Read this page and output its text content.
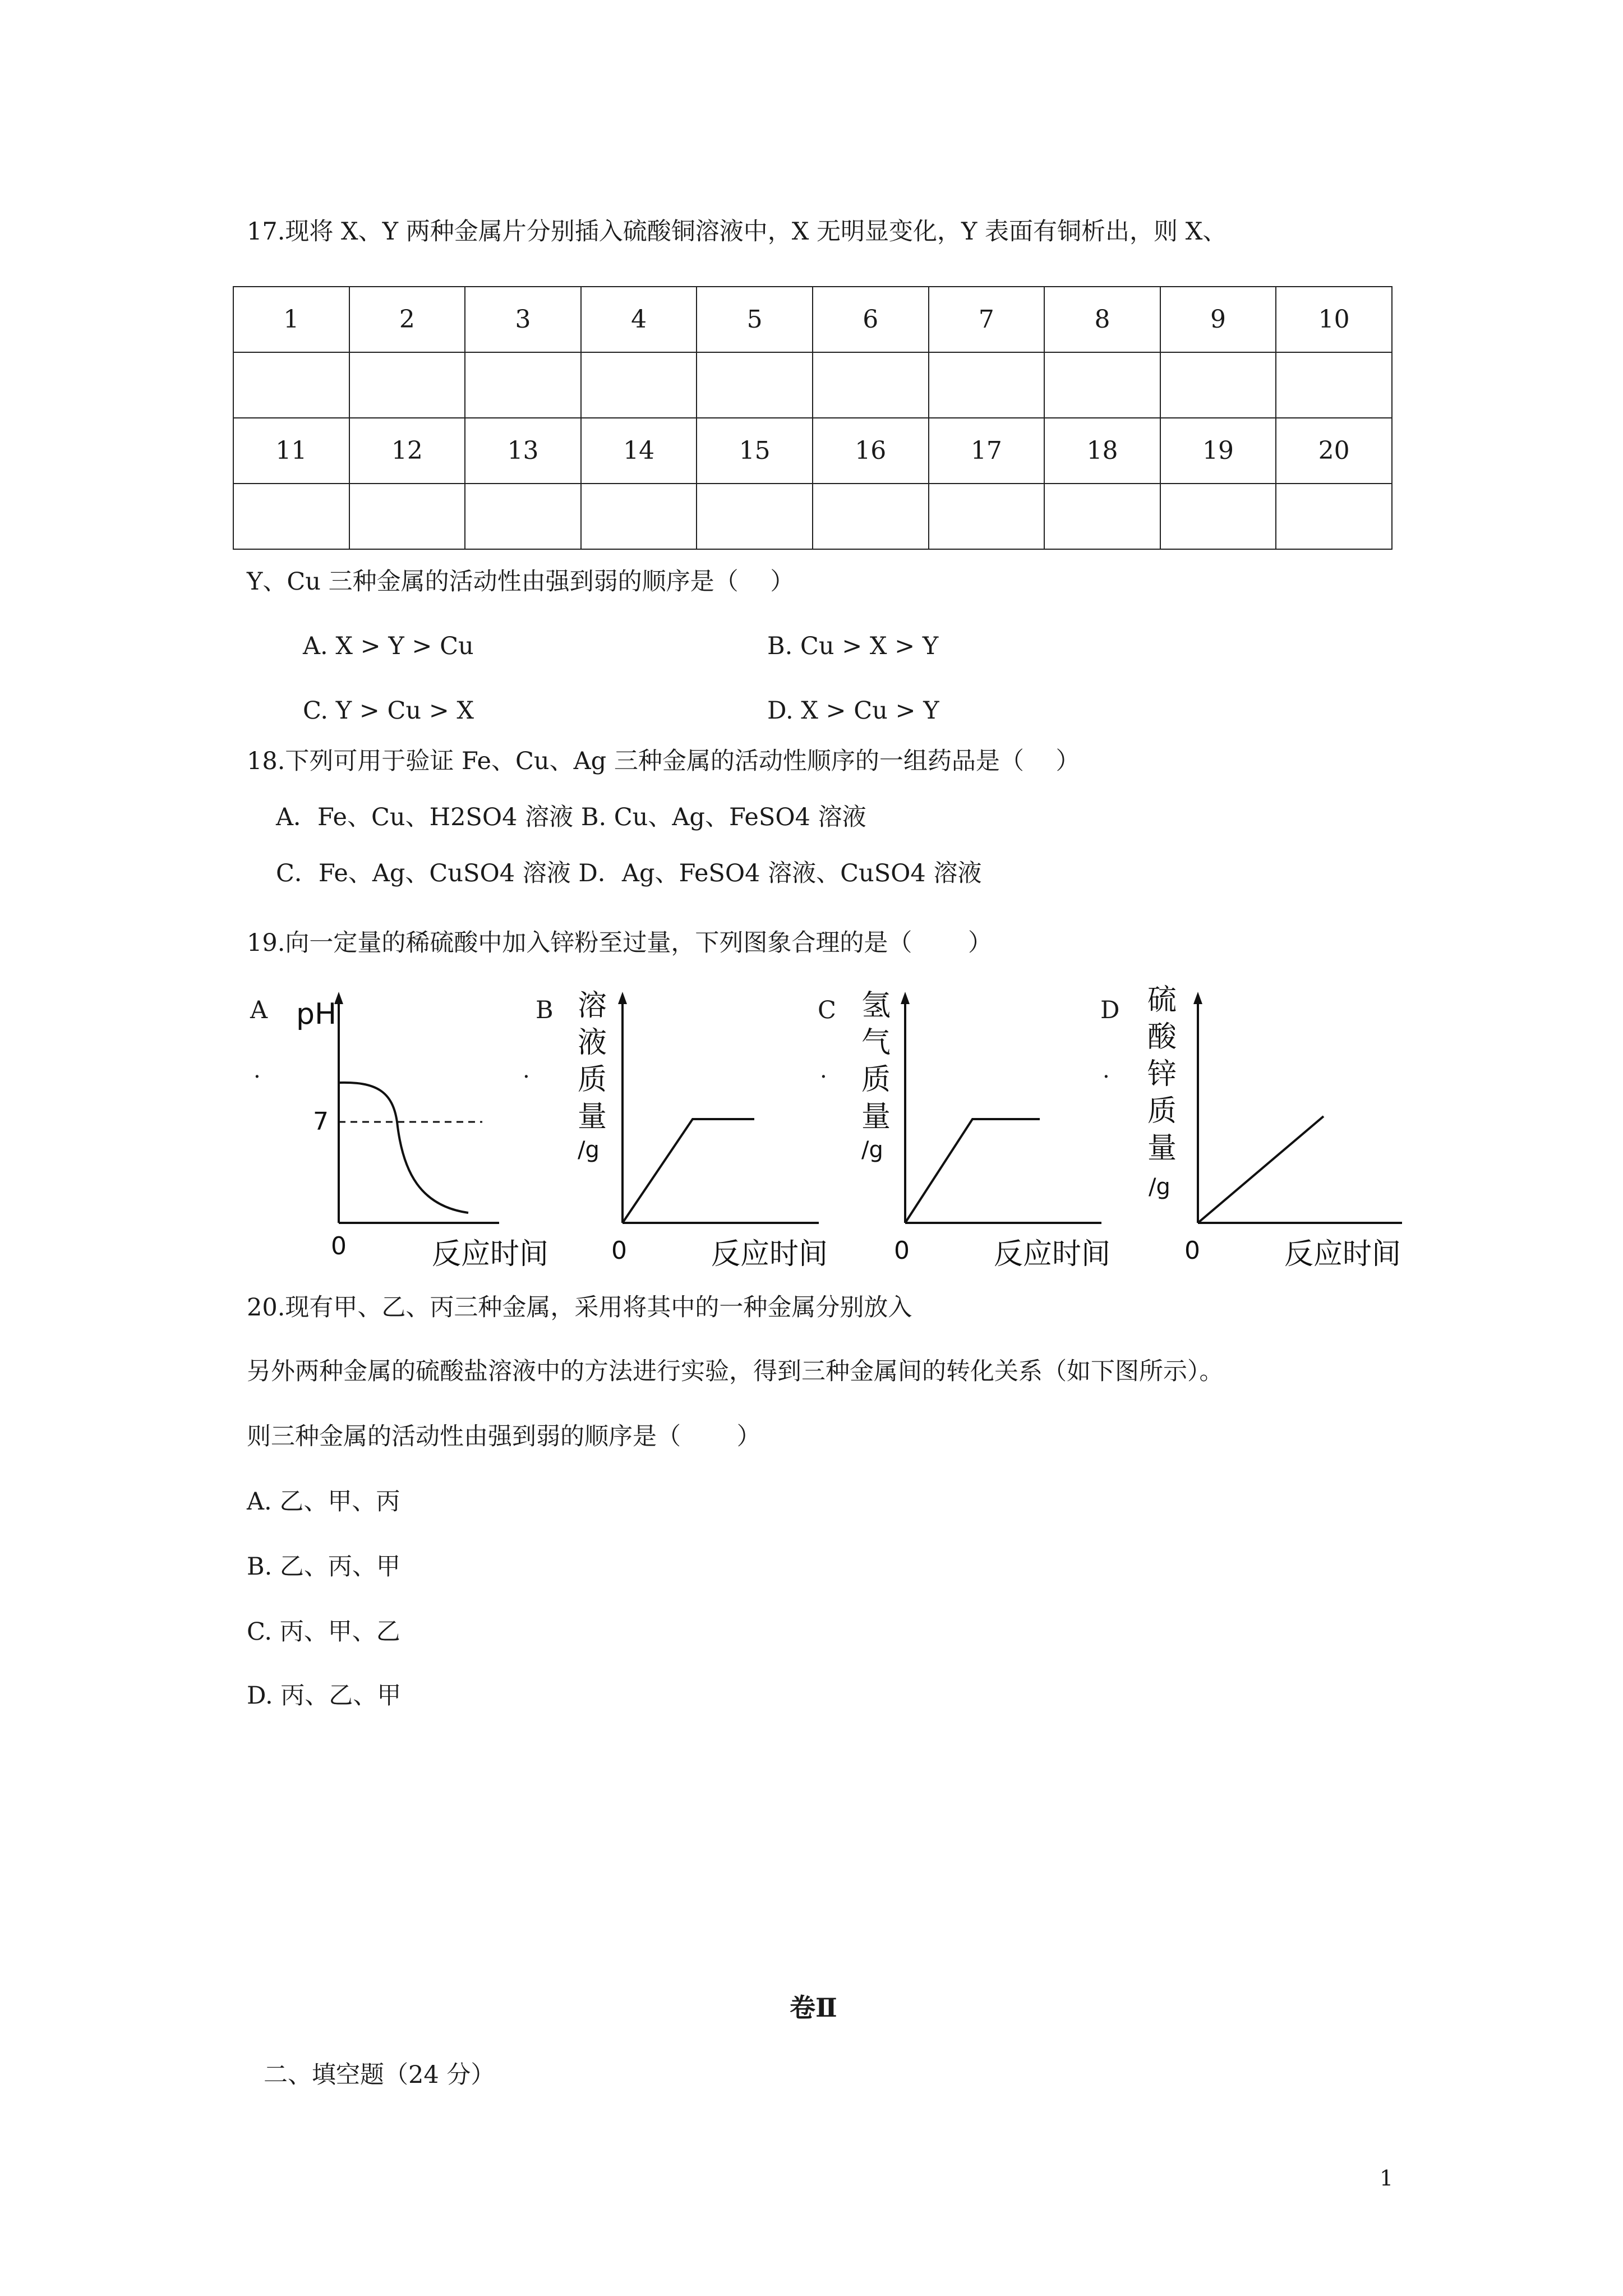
17.现将 X、Y 两种金属片分别插入硫酸铜溶液中，X 无明显变化，Y 表面有铜析出，则 X、
1	2	3	4	5	6	7	8	9	10

11	12	13	14	15	16	17	18	19	20

Y、Cu 三种金属的活动性由强到弱的顺序是（　 ）
A. X > Y > Cu	B. Cu > X > Y
C. Y > Cu > X	D. X > Cu > Y
18.下列可用于验证 Fe、Cu、Ag 三种金属的活动性顺序的一组药品是（　 ）
A．Fe、Cu、H2SO4 溶液 B. Cu、Ag、FeSO4 溶液
C．Fe、Ag、CuSO4 溶液 D．Ag、FeSO4 溶液、CuSO4 溶液
19.向一定量的稀硫酸中加入锌粉至过量，下列图象合理的是（　　 ）
A
.
pH
7
0	反应时间
B
.
溶液质量
/g
0	反应时间
C
.
氢气质量
/g
0	反应时间
D
.
硫酸锌质量
/g
0	反应时间
20.现有甲、乙、丙三种金属，采用将其中的一种金属分别放入
另外两种金属的硫酸盐溶液中的方法进行实验，得到三种金属间的转化关系（如下图所示）。
则三种金属的活动性由强到弱的顺序是（　　 ）
A. 乙、甲、丙
B. 乙、丙、甲
C. 丙、甲、乙
D. 丙、乙、甲
卷Ⅱ
二、填空题（24 分）
1
